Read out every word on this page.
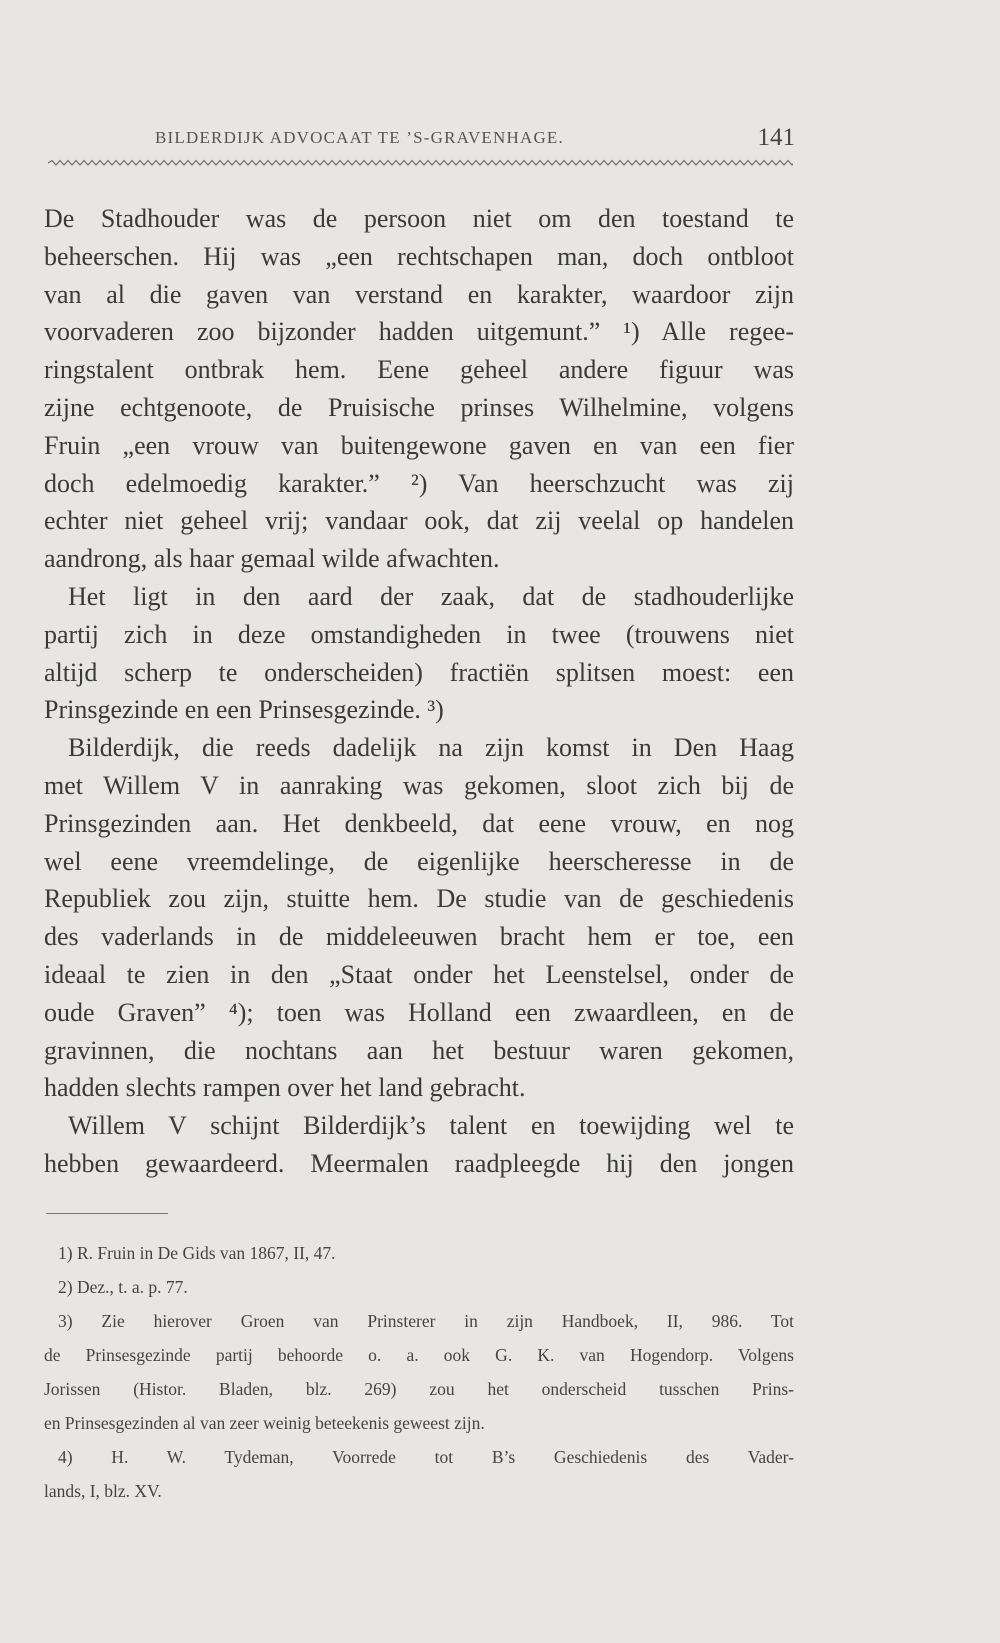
BILDERDIJK ADVOCAAT TE ’S-GRAVENHAGE.	141
De Stadhouder was de persoon niet om den toestand te
beheerschen. Hij was „een rechtschapen man, doch ontbloot
van al die gaven van verstand en karakter, waardoor zijn
voorvaderen zoo bijzonder hadden uitgemunt.” ¹) Alle regee-
ringstalent ontbrak hem. Eene geheel andere figuur was
zijne echtgenoote, de Pruisische prinses Wilhelmine, volgens
Fruin „een vrouw van buitengewone gaven en van een fier
doch edelmoedig karakter.” ²) Van heerschzucht was zij
echter niet geheel vrij; vandaar ook, dat zij veelal op handelen
aandrong, als haar gemaal wilde afwachten.
Het ligt in den aard der zaak, dat de stadhouderlijke
partij zich in deze omstandigheden in twee (trouwens niet
altijd scherp te onderscheiden) fractiën splitsen moest: een
Prinsgezinde en een Prinsesgezinde. ³)
Bilderdijk, die reeds dadelijk na zijn komst in Den Haag
met Willem V in aanraking was gekomen, sloot zich bij de
Prinsgezinden aan. Het denkbeeld, dat eene vrouw, en nog
wel eene vreemdelinge, de eigenlijke heerscheresse in de
Republiek zou zijn, stuitte hem. De studie van de geschiedenis
des vaderlands in de middeleeuwen bracht hem er toe, een
ideaal te zien in den „Staat onder het Leenstelsel, onder de
oude Graven” ⁴); toen was Holland een zwaardleen, en de
gravinnen, die nochtans aan het bestuur waren gekomen,
hadden slechts rampen over het land gebracht.
Willem V schijnt Bilderdijk’s talent en toewijding wel te
hebben gewaardeerd. Meermalen raadpleegde hij den jongen
1) R. Fruin in De Gids van 1867, II, 47.
2) Dez., t. a. p. 77.
3) Zie hierover Groen van Prinsterer in zijn Handboek, II, 986. Tot
de Prinsesgezinde partij behoorde o. a. ook G. K. van Hogendorp. Volgens
Jorissen (Histor. Bladen, blz. 269) zou het onderscheid tusschen Prins-
en Prinsesgezinden al van zeer weinig beteekenis geweest zijn.
4) H. W. Tydeman, Voorrede tot B’s Geschiedenis des Vader-
lands, I, blz. XV.
